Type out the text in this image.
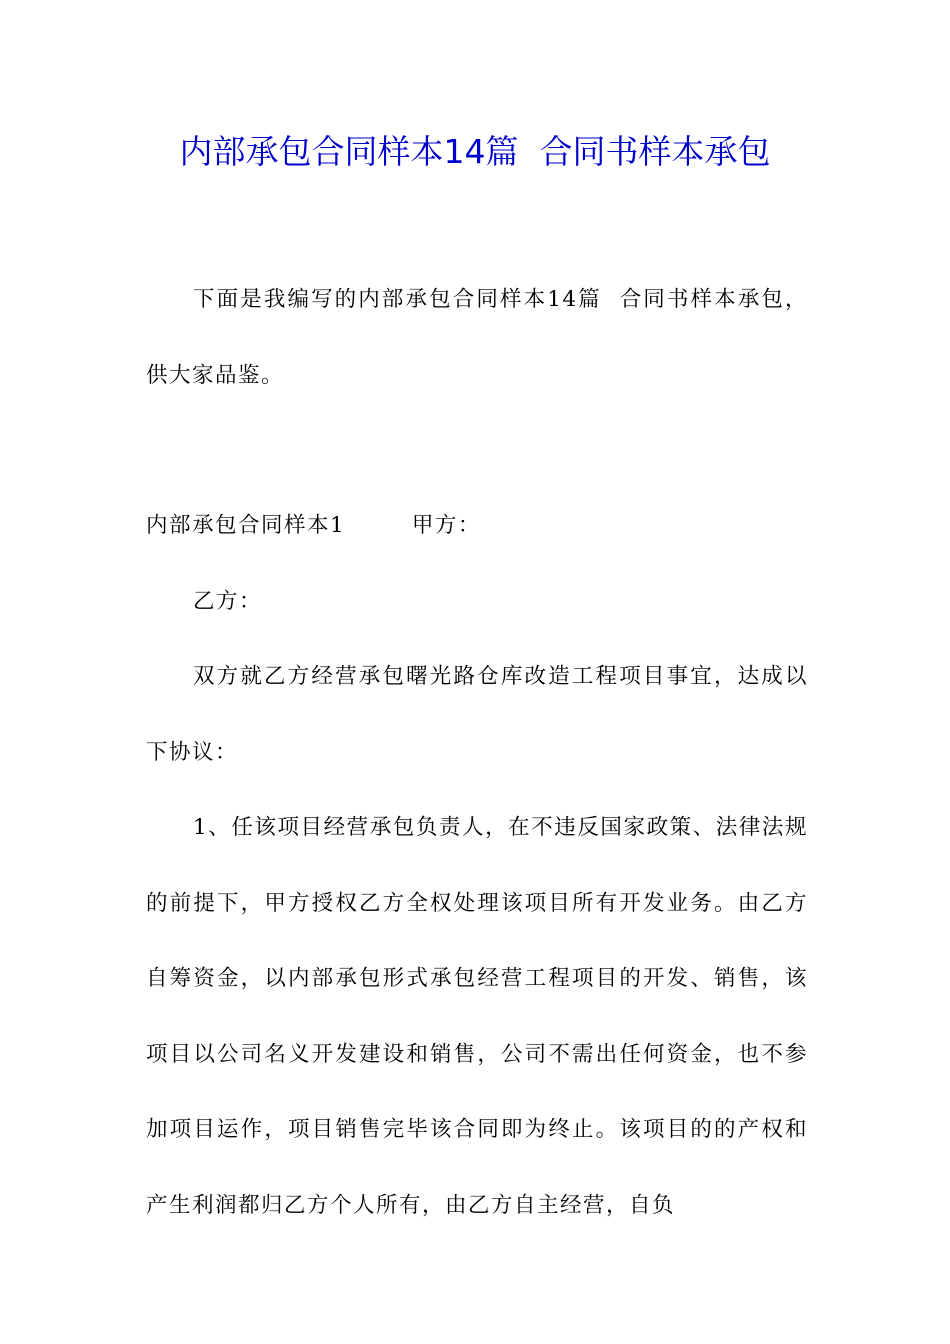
内部承包合同样本14篇  合同书样本承包

下面是我编写的内部承包合同样本14篇  合同书样本承包，供大家品鉴。

内部承包合同样本1        甲方：

乙方：

双方就乙方经营承包曙光路仓库改造工程项目事宜，达成以下协议：

1、任该项目经营承包负责人，在不违反国家政策、法律法规的前提下，甲方授权乙方全权处理该项目所有开发业务。由乙方自筹资金，以内部承包形式承包经营工程项目的开发、销售，该项目以公司名义开发建设和销售，公司不需出任何资金，也不参加项目运作，项目销售完毕该合同即为终止。该项目的的产权和产生利润都归乙方个人所有，由乙方自主经营，自负
